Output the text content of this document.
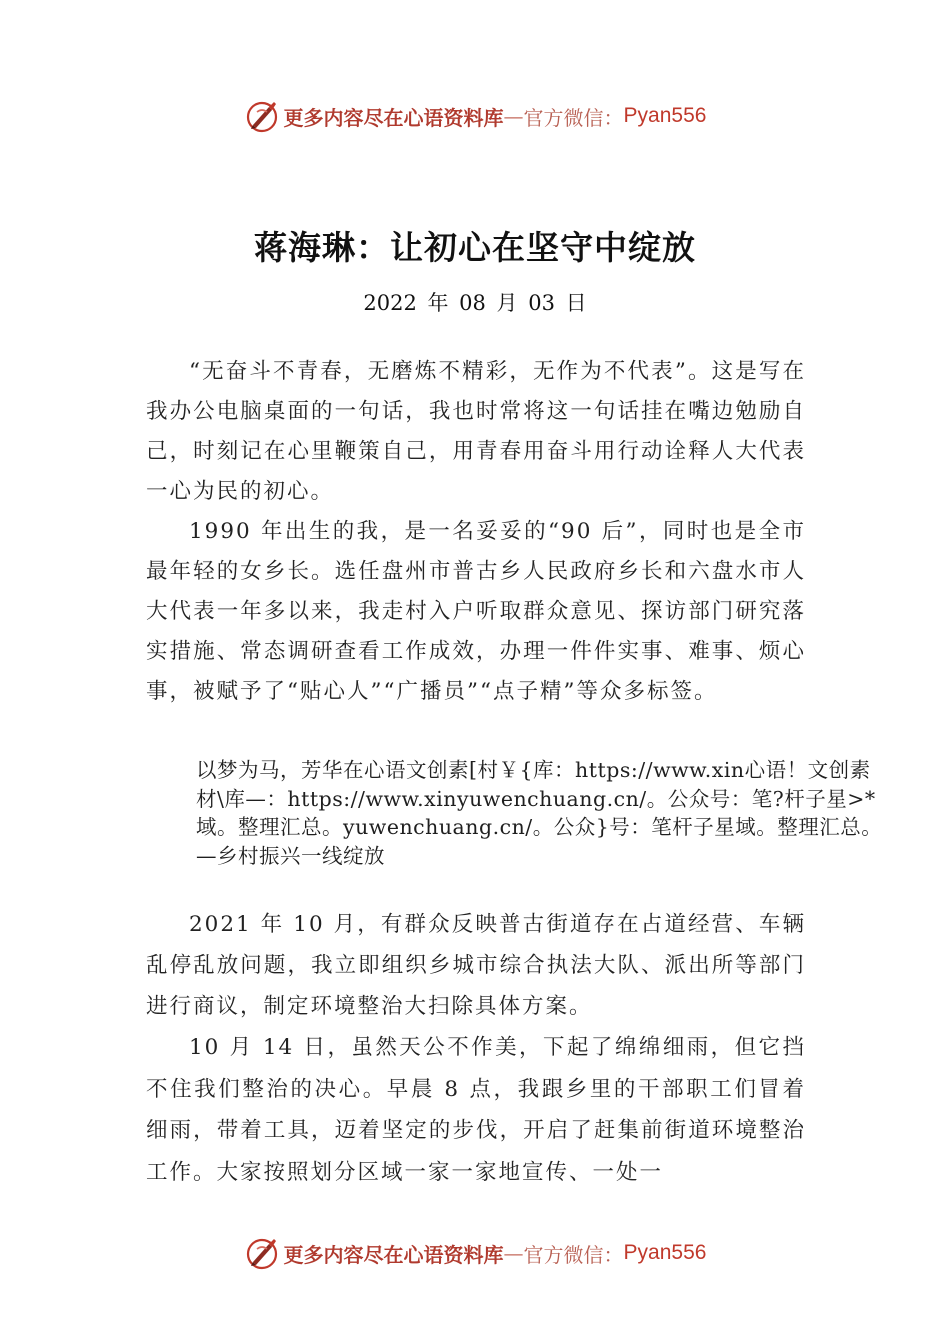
更多内容尽在心语资料库 — 官方微信： Pyan556
蒋海琳：让初心在坚守中绽放
2022 年 08 月 03 日

“无奋斗不青春，无磨炼不精彩，无作为不代表”。这是写在我办公电脑桌面的一句话，我也时常将这一句话挂在嘴边勉励自己，时刻记在心里鞭策自己，用青春用奋斗用行动诠释人大代表一心为民的初心。

1990 年出生的我，是一名妥妥的“90 后”，同时也是全市最年轻的女乡长。选任盘州市普古乡人民政府乡长和六盘水市人大代表一年多以来，我走村入户听取群众意见、探访部门研究落实措施、常态调研查看工作成效，办理一件件实事、难事、烦心事，被赋予了“贴心人”“广播员”“点子精”等众多标签。

以梦为马，芳华在心语文创素[村￥{库：https://www.xin心语！文创素材\库—：https://www.xinyuwenchuang.cn/。公众号：笔?杆子星>*域。整理汇总。yuwenchuang.cn/。公众}号：笔杆子星域。整理汇总。—乡村振兴一线绽放

2021 年 10 月，有群众反映普古街道存在占道经营、车辆乱停乱放问题，我立即组织乡城市综合执法大队、派出所等部门进行商议，制定环境整治大扫除具体方案。

10 月 14 日，虽然天公不作美，下起了绵绵细雨，但它挡不住我们整治的决心。早晨 8 点，我跟乡里的干部职工们冒着细雨，带着工具，迈着坚定的步伐，开启了赶集前街道环境整治工作。大家按照划分区域一家一家地宣传、一处一

更多内容尽在心语资料库 — 官方微信： Pyan556
